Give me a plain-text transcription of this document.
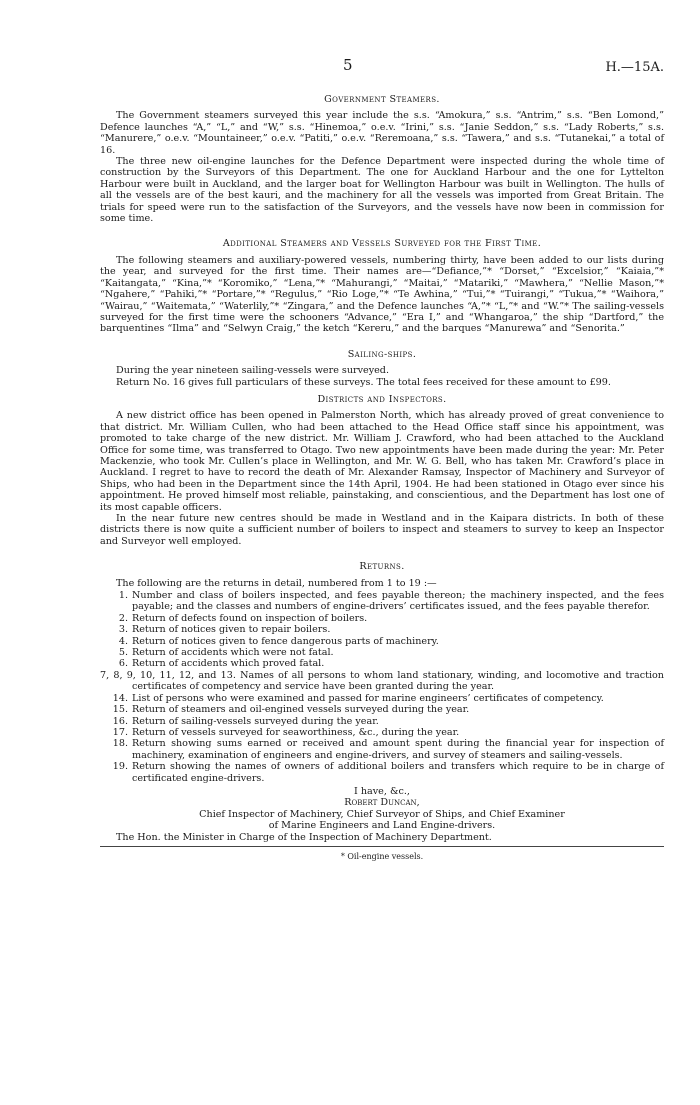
5	H.—15A.
Government Steamers.

The Government steamers surveyed this year include the s.s. “Amokura,” s.s. “Antrim,” s.s. “Ben Lomond,” Defence launches “A,” “L,” and “W,” s.s. “Hinemoa,” o.e.v. “Irini,” s.s. “Janie Seddon,” s.s. “Lady Roberts,” s.s. “Manurere,” o.e.v. “Mountaineer,” o.e.v. “Patiti,” o.e.v. “Reremoana,” s.s. “Tawera,” and s.s. “Tutanekai,” a total of 16.

The three new oil-engine launches for the Defence Department were inspected during the whole time of construction by the Surveyors of this Department. The one for Auckland Harbour and the one for Lyttelton Harbour were built in Auckland, and the larger boat for Wellington Harbour was built in Wellington. The hulls of all the vessels are of the best kauri, and the machinery for all the vessels was imported from Great Britain. The trials for speed were run to the satisfaction of the Surveyors, and the vessels have now been in commission for some time.

Additional Steamers and Vessels Surveyed for the First Time.

The following steamers and auxiliary-powered vessels, numbering thirty, have been added to our lists during the year, and surveyed for the first time. Their names are—“Defiance,”* “Dorset,” “Excelsior,” “Kaiaia,”* “Kaitangata,” “Kina,”* “Koromiko,” “Lena,”* “Mahurangi,” “Maitai,” “Matariki,” “Mawhera,” “Nellie Mason,”* “Ngahere,” “Pahiki,”* “Portare,”* “Regulus,” “Rio Loge,”* “Te Awhina,” “Tui,”* “Tuirangi,” “Tukua,”* “Waihora,” “Wairau,” “Waitemata,” “Waterlily,”* “Zingara,” and the Defence launches “A,”* “L,”* and “W.”* The sailing-vessels surveyed for the first time were the schooners “Advance,” “Era I,” and “Whangaroa,” the ship “Dartford,” the barquentines “Ilma” and “Selwyn Craig,” the ketch “Kereru,” and the barques “Manurewa” and “Senorita.”

Sailing-ships.

During the year nineteen sailing-vessels were surveyed.

Return No. 16 gives full particulars of these surveys. The total fees received for these amount to £99.

Districts and Inspectors.

A new district office has been opened in Palmerston North, which has already proved of great convenience to that district. Mr. William Cullen, who had been attached to the Head Office staff since his appointment, was promoted to take charge of the new district. Mr. William J. Crawford, who had been attached to the Auckland Office for some time, was transferred to Otago. Two new appointments have been made during the year: Mr. Peter Mackenzie, who took Mr. Cullen’s place in Wellington, and Mr. W. G. Bell, who has taken Mr. Crawford’s place in Auckland. I regret to have to record the death of Mr. Alexander Ramsay, Inspector of Machinery and Surveyor of Ships, who had been in the Department since the 14th April, 1904. He had been stationed in Otago ever since his appointment. He proved himself most reliable, painstaking, and conscientious, and the Department has lost one of its most capable officers.

In the near future new centres should be made in Westland and in the Kaipara districts. In both of these districts there is now quite a sufficient number of boilers to inspect and steamers to survey to keep an Inspector and Surveyor well employed.

Returns.
The following are the returns in detail, numbered from 1 to 19 :—
1. Number and class of boilers inspected, and fees payable thereon; the machinery inspected, and the fees payable; and the classes and numbers of engine-drivers’ certificates issued, and the fees payable therefor.
2. Return of defects found on inspection of boilers.
3. Return of notices given to repair boilers.
4. Return of notices given to fence dangerous parts of machinery.
5. Return of accidents which were not fatal.
6. Return of accidents which proved fatal.
7, 8, 9, 10, 11, 12, and 13. Names of all persons to whom land stationary, winding, and locomotive and traction certificates of competency and service have been granted during the year.
14. List of persons who were examined and passed for marine engineers’ certificates of competency.
15. Return of steamers and oil-engined vessels surveyed during the year.
16. Return of sailing-vessels surveyed during the year.
17. Return of vessels surveyed for seaworthiness, &c., during the year.
18. Return showing sums earned or received and amount spent during the financial year for inspection of machinery, examination of engineers and engine-drivers, and survey of steamers and sailing-vessels.
19. Return showing the names of owners of additional boilers and transfers which require to be in charge of certificated engine-drivers.
I have, &c.,
Robert Duncan,
Chief Inspector of Machinery, Chief Surveyor of Ships, and Chief Examiner
of Marine Engineers and Land Engine-drivers.
The Hon. the Minister in Charge of the Inspection of Machinery Department.
* Oil-engine vessels.
